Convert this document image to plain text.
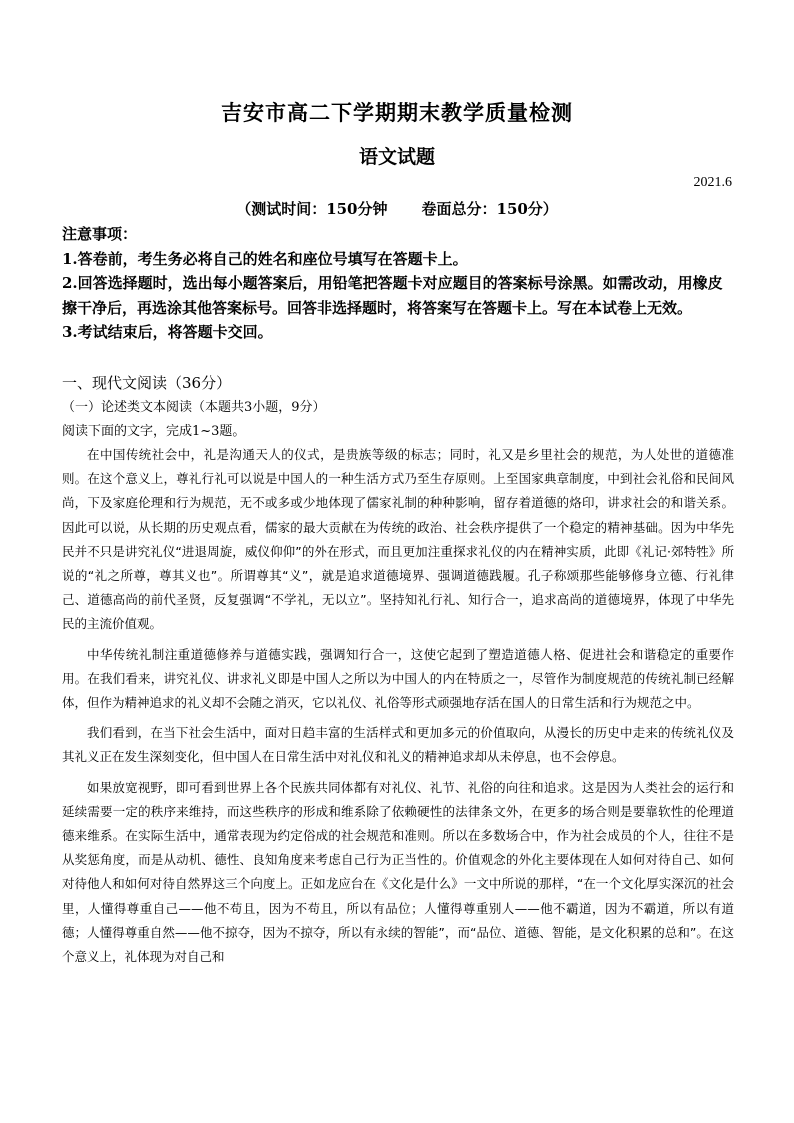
吉安市高二下学期期末教学质量检测
语文试题
2021.6
（测试时间：150分钟 卷面总分：150分）

注意事项：

1.答卷前，考生务必将自己的姓名和座位号填写在答题卡上。

2.回答选择题时，选出每小题答案后，用铅笔把答题卡对应题目的答案标号涂黑。如需改动，用橡皮擦干净后，再选涂其他答案标号。回答非选择题时，将答案写在答题卡上。写在本试卷上无效。

3.考试结束后，将答题卡交回。

一、现代文阅读（36分）
（一）论述类文本阅读（本题共3小题，9分）
阅读下面的文字，完成1~3题。

在中国传统社会中，礼是沟通天人的仪式，是贵族等级的标志；同时，礼又是乡里社会的规范，为人处世的道德准则。在这个意义上，尊礼行礼可以说是中国人的一种生活方式乃至生存原则。上至国家典章制度，中到社会礼俗和民间风尚，下及家庭伦理和行为规范，无不或多或少地体现了儒家礼制的种种影响，留存着道德的烙印，讲求社会的和谐关系。因此可以说，从长期的历史观点看，儒家的最大贡献在为传统的政治、社会秩序提供了一个稳定的精神基础。因为中华先民并不只是讲究礼仪“进退周旋，威仪仰仰”的外在形式，而且更加注重探求礼仪的内在精神实质，此即《礼记·郊特牲》所说的“礼之所尊，尊其义也”。所谓尊其“义”，就是追求道德境界、强调道德践履。孔子称颂那些能够修身立德、行礼律己、道德高尚的前代圣贤，反复强调“不学礼，无以立”。坚持知礼行礼、知行合一，追求高尚的道德境界，体现了中华先民的主流价值观。

中华传统礼制注重道德修养与道德实践，强调知行合一，这使它起到了塑造道德人格、促进社会和谐稳定的重要作用。在我们看来，讲究礼仪、讲求礼义即是中国人之所以为中国人的内在特质之一，尽管作为制度规范的传统礼制已经解体，但作为精神追求的礼义却不会随之消灭，它以礼仪、礼俗等形式顽强地存活在国人的日常生活和行为规范之中。

我们看到，在当下社会生活中，面对日趋丰富的生活样式和更加多元的价值取向，从漫长的历史中走来的传统礼仪及其礼义正在发生深刻变化，但中国人在日常生活中对礼仪和礼义的精神追求却从未停息，也不会停息。

如果放宽视野，即可看到世界上各个民族共同体都有对礼仪、礼节、礼俗的向往和追求。这是因为人类社会的运行和延续需要一定的秩序来维持，而这些秩序的形成和维系除了依赖硬性的法律条文外，在更多的场合则是要靠软性的伦理道德来维系。在实际生活中，通常表现为约定俗成的社会规范和准则。所以在多数场合中，作为社会成员的个人，往往不是从奖惩角度，而是从动机、德性、良知角度来考虑自己行为正当性的。价值观念的外化主要体现在人如何对待自己、如何对待他人和如何对待自然界这三个向度上。正如龙应台在《文化是什么》一文中所说的那样，“在一个文化厚实深沉的社会里，人懂得尊重自己——他不苟且，因为不苟且，所以有品位；人懂得尊重别人——他不霸道，因为不霸道，所以有道德；人懂得尊重自然——他不掠夺，因为不掠夺，所以有永续的智能”，而“品位、道德、智能，是文化积累的总和”。在这个意义上，礼体现为对自己和
